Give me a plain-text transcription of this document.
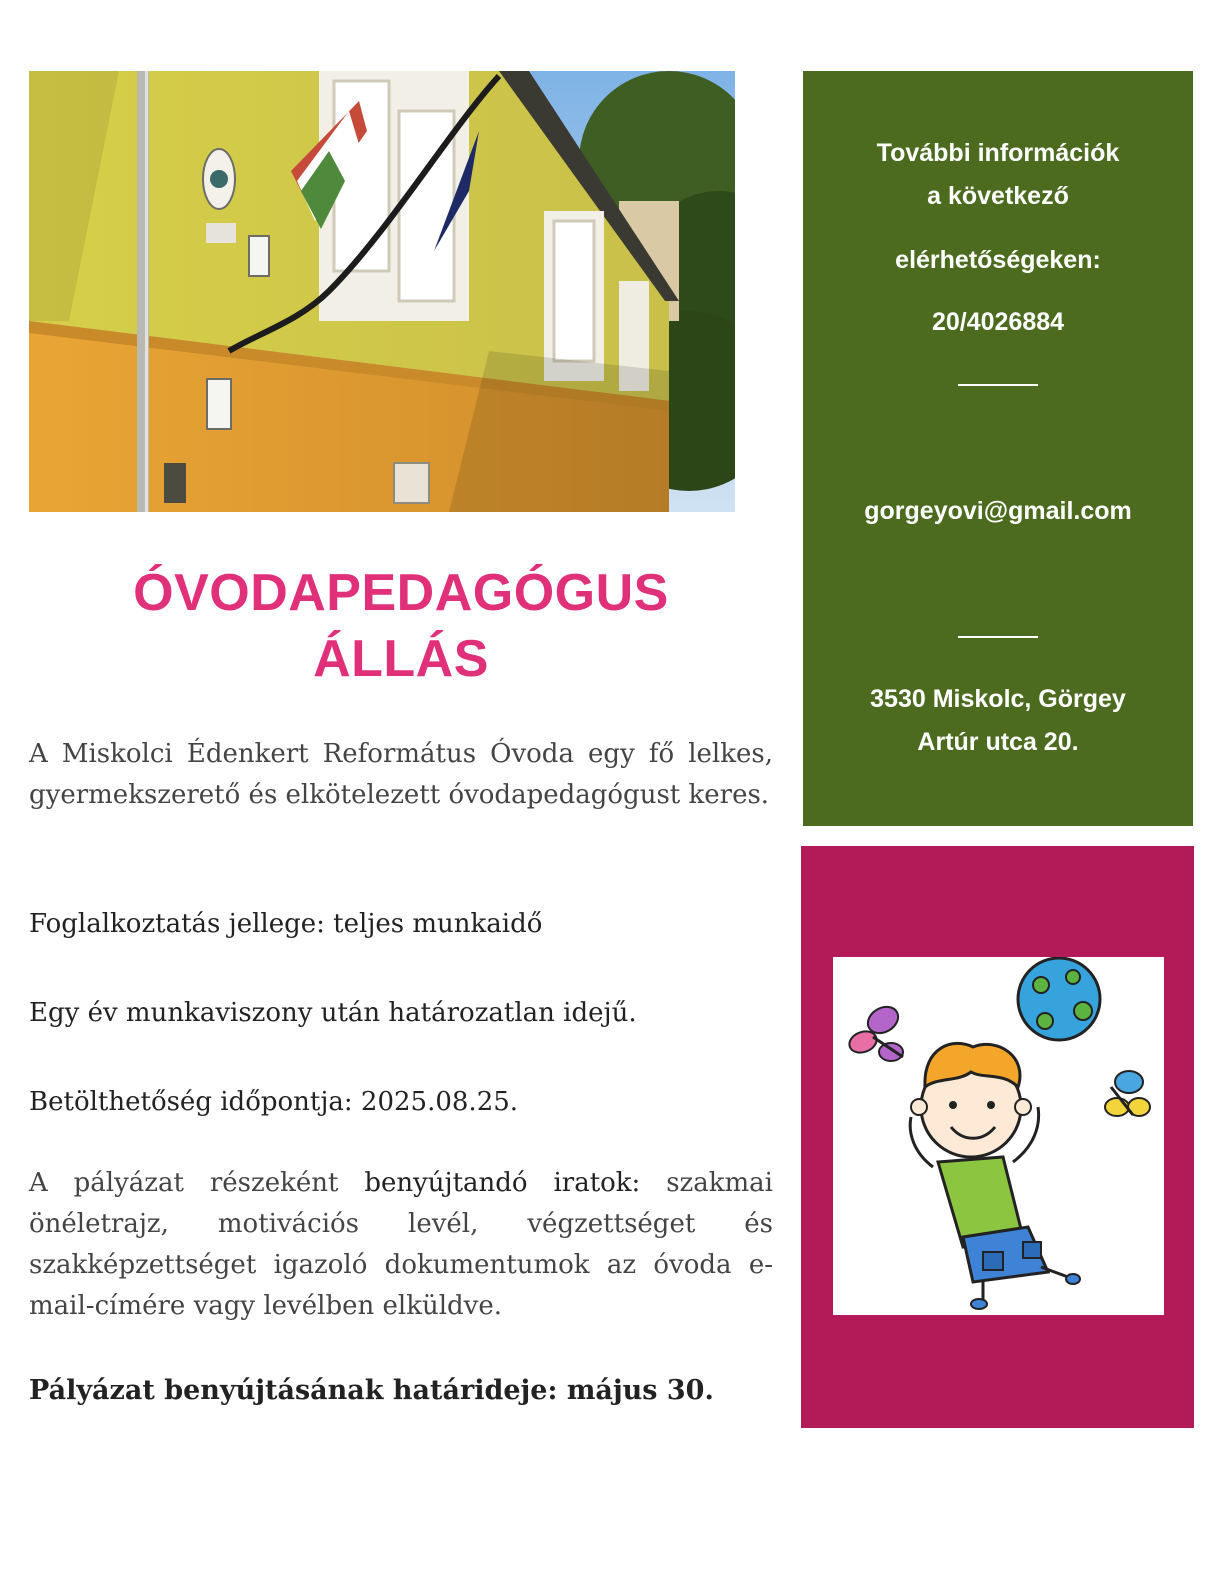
ÓVODAPEDAGÓGUS
ÁLLÁS
A Miskolci Édenkert Református Óvoda egy fő lelkes, gyermekszerető és elkötelezett óvodapedagógust keres.
Foglalkoztatás jellege: teljes munkaidő
Egy év munkaviszony után határozatlan idejű.
Betölthetőség időpontja: 2025.08.25.
A pályázat részeként benyújtandó iratok: szakmai önéletrajz, motivációs levél, végzettséget és szakképzettséget igazoló dokumentumok az óvoda e-mail-címére vagy levélben elküldve.
Pályázat benyújtásának határideje: május 30.
További információk
a következő
elérhetőségeken:
20/4026884
gorgeyovi@gmail.com
3530 Miskolc, Görgey
Artúr utca 20.
